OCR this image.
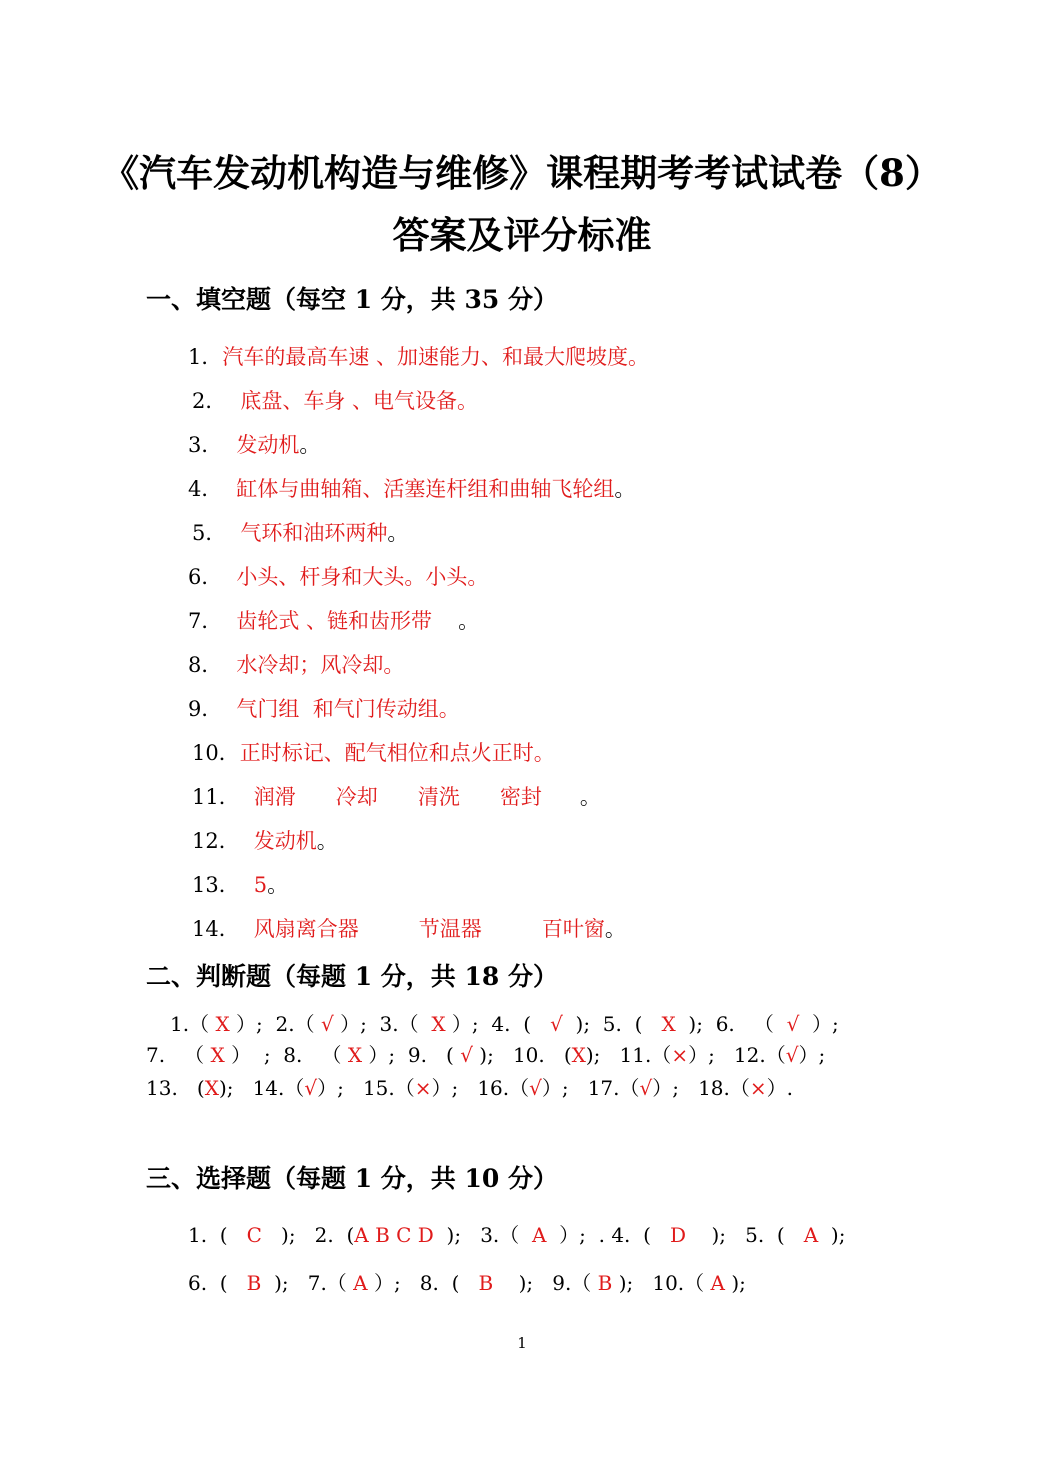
《汽车发动机构造与维修》课程期考考试试卷（8）
答案及评分标准
一、填空题（每空 1 分，共 35 分）
1．汽车的最高车速 、加速能力、和最大爬坡度。
2． 底盘、车身 、电气设备。
3． 发动机。
4． 缸体与曲轴箱、活塞连杆组和曲轴飞轮组。
5． 气环和油环两种。
6． 小头、杆身和大头。小头。
7． 齿轮式 、链和齿形带 。
8． 水冷却；风冷却。
9． 气门组  和气门传动组。
10．正时标记、配气相位和点火正时。
11． 润滑      冷却      清洗      密封 。
12． 发动机。
13． 5。
14． 风扇离合器         节温器         百叶窗。
二、判断题（每题 1 分，共 18 分）
1.（ X ）;  2.（ √ ）;  3.（  X ）;  4.  (   √  );  5.  (   X  );  6.   （  √  ）;
7.   （ X ）  ;  8.   （ X ）;  9.   ( √ );   10.   (X);   11.（×）;   12.（√）;
13.   (X);   14.（√）;   15.（×）;   16.（√）;   17.（√）;   18.（×）.
三、选择题（每题 1 分，共 10 分）
1.  (   C   );   2.  (A B C D  );   3.（  A  ）;  . 4.  (   D    );   5.  (   A  );
6.  (   B  );   7.（ A ）;   8.  (   B    );   9.（ B );   10.（ A );
1
